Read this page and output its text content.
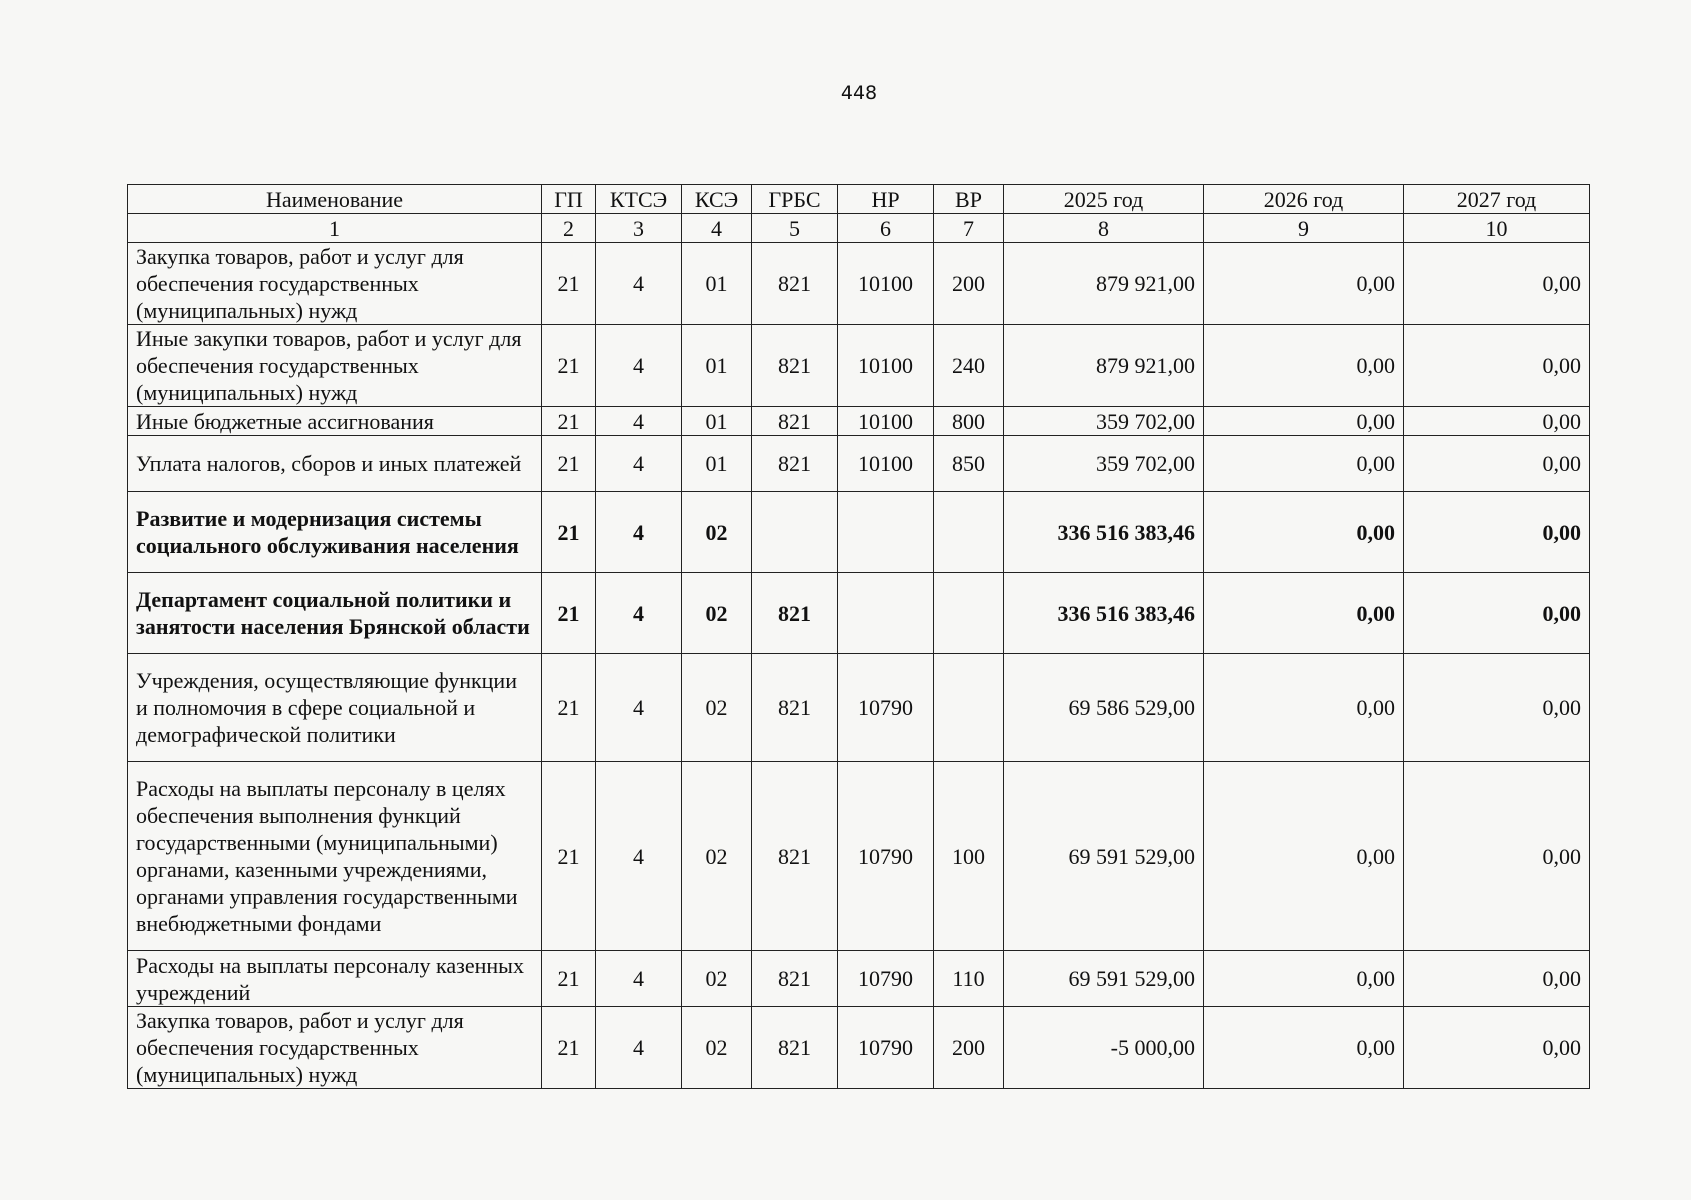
448
Наименование	ГП	КТСЭ	КСЭ	ГРБС	НР	ВР	2025 год	2026 год	2027 год
1	2	3	4	5	6	7	8	9	10
Закупка товаров, работ и услуг для обеспечения государственных (муниципальных) нужд	21	4	01	821	10100	200	879 921,00	0,00	0,00
Иные закупки товаров, работ и услуг для обеспечения государственных (муниципальных) нужд	21	4	01	821	10100	240	879 921,00	0,00	0,00
Иные бюджетные ассигнования	21	4	01	821	10100	800	359 702,00	0,00	0,00
Уплата налогов, сборов и иных платежей	21	4	01	821	10100	850	359 702,00	0,00	0,00
Развитие и модернизация системы социального обслуживания населения	21	4	02				336 516 383,46	0,00	0,00
Департамент социальной политики и занятости населения Брянской области	21	4	02	821			336 516 383,46	0,00	0,00
Учреждения, осуществляющие функции и полномочия в сфере социальной и демографической политики	21	4	02	821	10790		69 586 529,00	0,00	0,00
Расходы на выплаты персоналу в целях обеспечения выполнения функций государственными (муниципальными) органами, казенными учреждениями, органами управления государственными внебюджетными фондами	21	4	02	821	10790	100	69 591 529,00	0,00	0,00
Расходы на выплаты персоналу казенных учреждений	21	4	02	821	10790	110	69 591 529,00	0,00	0,00
Закупка товаров, работ и услуг для обеспечения государственных (муниципальных) нужд	21	4	02	821	10790	200	-5 000,00	0,00	0,00
